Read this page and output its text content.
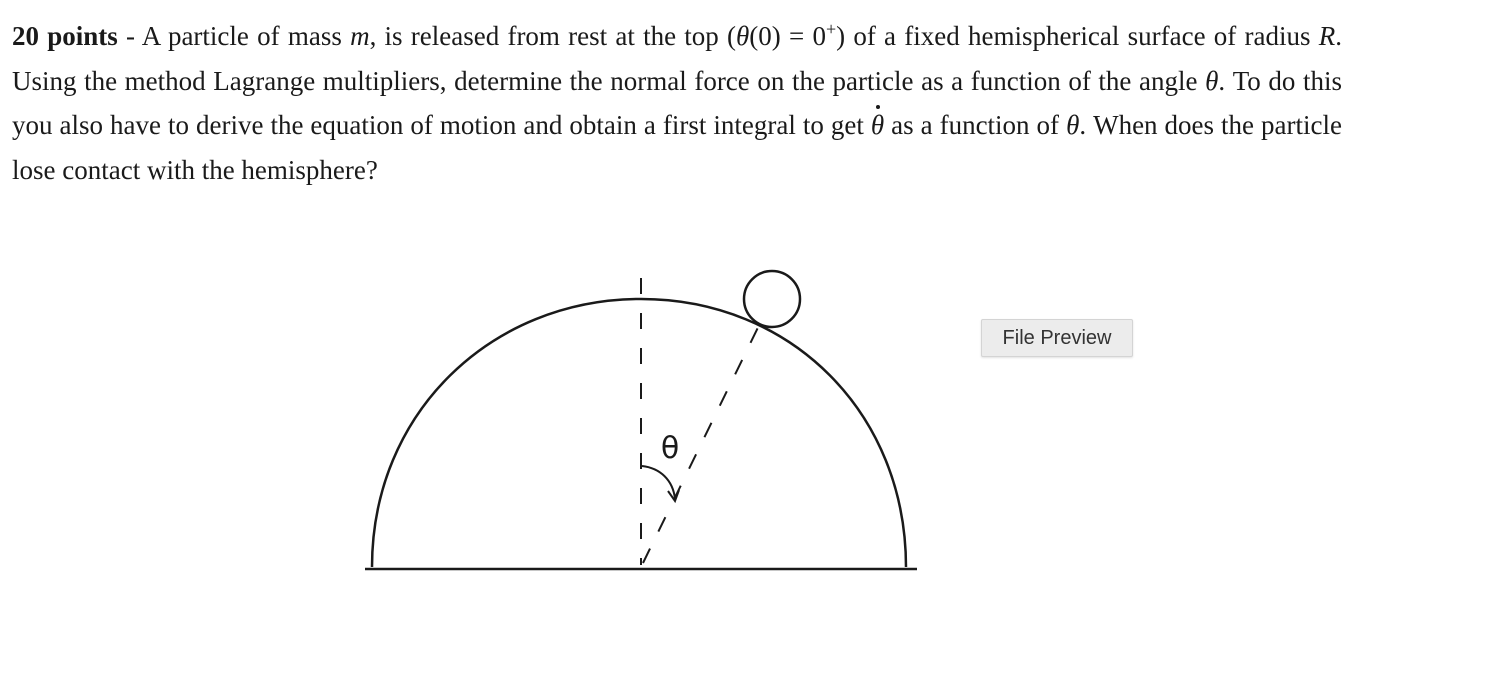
20 points - A particle of mass m, is released from rest at the top (θ(0) = 0+) of a fixed hemispherical surface of radius R. Using the method Lagrange multipliers, determine the normal force on the particle as a function of the angle θ. To do this you also have to derive the equation of motion and obtain a first integral to get θ as a function of θ. When does the particle lose contact with the hemisphere?
θ
File Preview
